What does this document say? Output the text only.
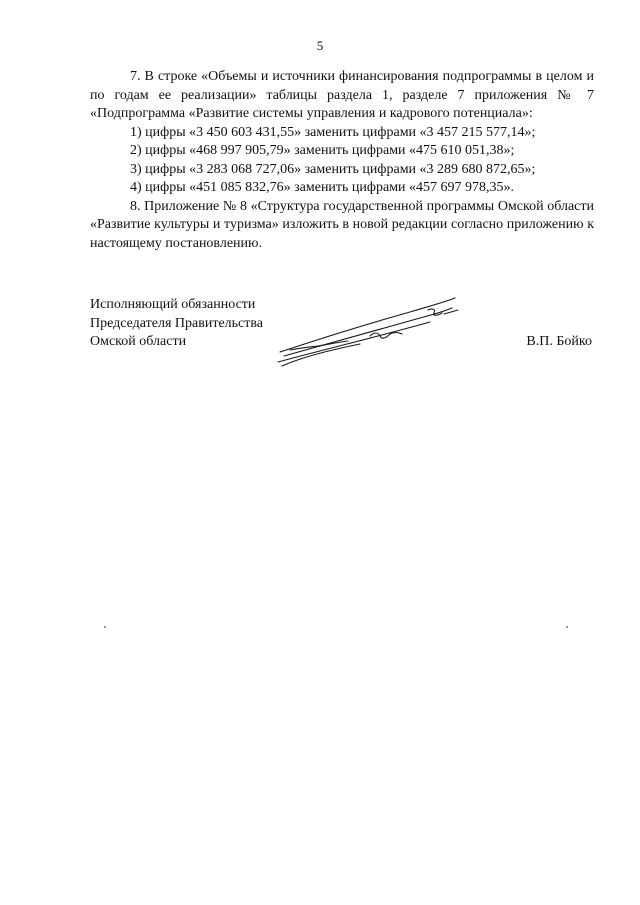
5

7. В строке «Объемы и источники финансирования подпрограммы в целом и по годам ее реализации» таблицы раздела 1, разделе 7 приложения № 7 «Подпрограмма «Развитие системы управления и кадрового потенциала»:

1) цифры «3 450 603 431,55» заменить цифрами «3 457 215 577,14»;

2) цифры «468 997 905,79» заменить цифрами «475 610 051,38»;

3) цифры «3 283 068 727,06» заменить цифрами «3 289 680 872,65»;

4) цифры «451 085 832,76» заменить цифрами «457 697 978,35».

8. Приложение № 8 «Структура государственной программы Омской области «Развитие культуры и туризма» изложить в новой редакции согласно приложению к настоящему постановлению.

Исполняющий обязанности
Председателя Правительства
Омской области	В.П. Бойко
